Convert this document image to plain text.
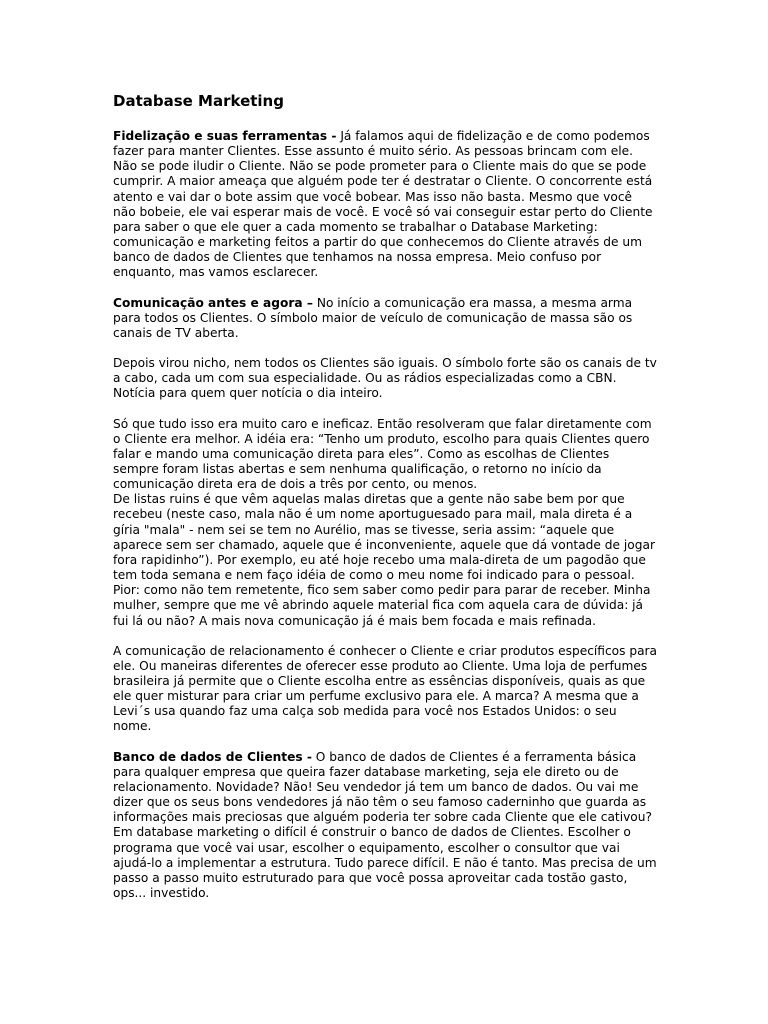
Database Marketing

Fidelização e suas ferramentas - Já falamos aqui de fidelização e de como podemos fazer para manter Clientes. Esse assunto é muito sério. As pessoas brincam com ele. Não se pode iludir o Cliente. Não se pode prometer para o Cliente mais do que se pode cumprir. A maior ameaça que alguém pode ter é destratar o Cliente. O concorrente está atento e vai dar o bote assim que você bobear. Mas isso não basta. Mesmo que você não bobeie, ele vai esperar mais de você. E você só vai conseguir estar perto do Cliente para saber o que ele quer a cada momento se trabalhar o Database Marketing: comunicação e marketing feitos a partir do que conhecemos do Cliente através de um banco de dados de Clientes que tenhamos na nossa empresa. Meio confuso por enquanto, mas vamos esclarecer.

Comunicação antes e agora – No início a comunicação era massa, a mesma arma para todos os Clientes. O símbolo maior de veículo de comunicação de massa são os canais de TV aberta.

Depois virou nicho, nem todos os Clientes são iguais. O símbolo forte são os canais de tv a cabo, cada um com sua especialidade. Ou as rádios especializadas como a CBN. Notícia para quem quer notícia o dia inteiro.

Só que tudo isso era muito caro e ineficaz. Então resolveram que falar diretamente com o Cliente era melhor. A idéia era: “Tenho um produto, escolho para quais Clientes quero falar e mando uma comunicação direta para eles”. Como as escolhas de Clientes sempre foram listas abertas e sem nenhuma qualificação, o retorno no início da comunicação direta era de dois a três por cento, ou menos.

De listas ruins é que vêm aquelas malas diretas que a gente não sabe bem por que recebeu (neste caso, mala não é um nome aportuguesado para mail, mala direta é a gíria "mala" - nem sei se tem no Aurélio, mas se tivesse, seria assim: “aquele que aparece sem ser chamado, aquele que é inconveniente, aquele que dá vontade de jogar fora rapidinho”). Por exemplo, eu até hoje recebo uma mala-direta de um pagodão que tem toda semana e nem faço idéia de como o meu nome foi indicado para o pessoal. Pior: como não tem remetente, fico sem saber como pedir para parar de receber. Minha mulher, sempre que me vê abrindo aquele material fica com aquela cara de dúvida: já fui lá ou não? A mais nova comunicação já é mais bem focada e mais refinada.

A comunicação de relacionamento é conhecer o Cliente e criar produtos específicos para ele. Ou maneiras diferentes de oferecer esse produto ao Cliente. Uma loja de perfumes brasileira já permite que o Cliente escolha entre as essências disponíveis, quais as que ele quer misturar para criar um perfume exclusivo para ele. A marca? A mesma que a Levi´s usa quando faz uma calça sob medida para você nos Estados Unidos: o seu nome.

Banco de dados de Clientes - O banco de dados de Clientes é a ferramenta básica para qualquer empresa que queira fazer database marketing, seja ele direto ou de relacionamento. Novidade? Não! Seu vendedor já tem um banco de dados. Ou vai me dizer que os seus bons vendedores já não têm o seu famoso caderninho que guarda as informações mais preciosas que alguém poderia ter sobre cada Cliente que ele cativou? Em database marketing o difícil é construir o banco de dados de Clientes. Escolher o programa que você vai usar, escolher o equipamento, escolher o consultor que vai ajudá-lo a implementar a estrutura. Tudo parece difícil. E não é tanto. Mas precisa de um passo a passo muito estruturado para que você possa aproveitar cada tostão gasto, ops... investido.
